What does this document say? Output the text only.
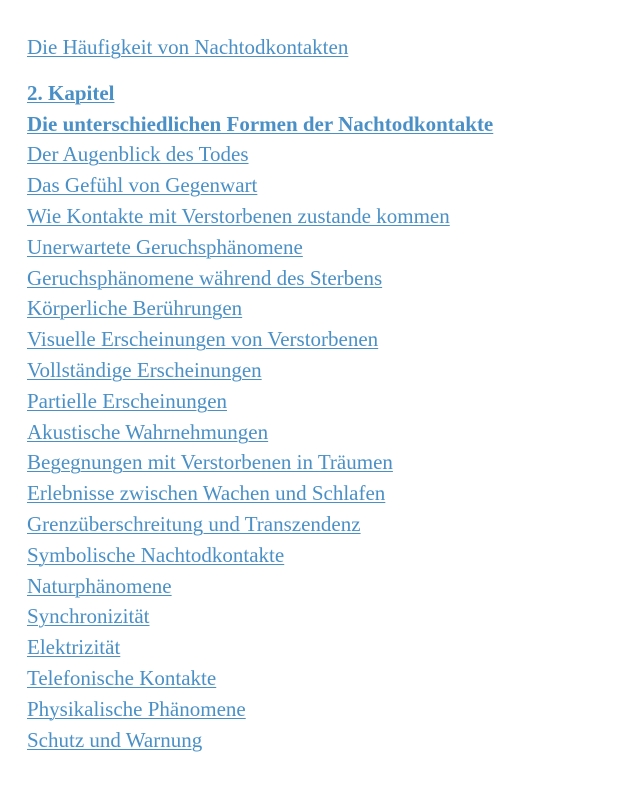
Die Häufigkeit von Nachtodkontakten
2. Kapitel
Die unterschiedlichen Formen der Nachtodkontakte
Der Augenblick des Todes
Das Gefühl von Gegenwart
Wie Kontakte mit Verstorbenen zustande kommen
Unerwartete Geruchsphänomene
Geruchsphänomene während des Sterbens
Körperliche Berührungen
Visuelle Erscheinungen von Verstorbenen
Vollständige Erscheinungen
Partielle Erscheinungen
Akustische Wahrnehmungen
Begegnungen mit Verstorbenen in Träumen
Erlebnisse zwischen Wachen und Schlafen
Grenzüberschreitung und Transzendenz
Symbolische Nachtodkontakte
Naturphänomene
Synchronizität
Elektrizität
Telefonische Kontakte
Physikalische Phänomene
Schutz und Warnung
